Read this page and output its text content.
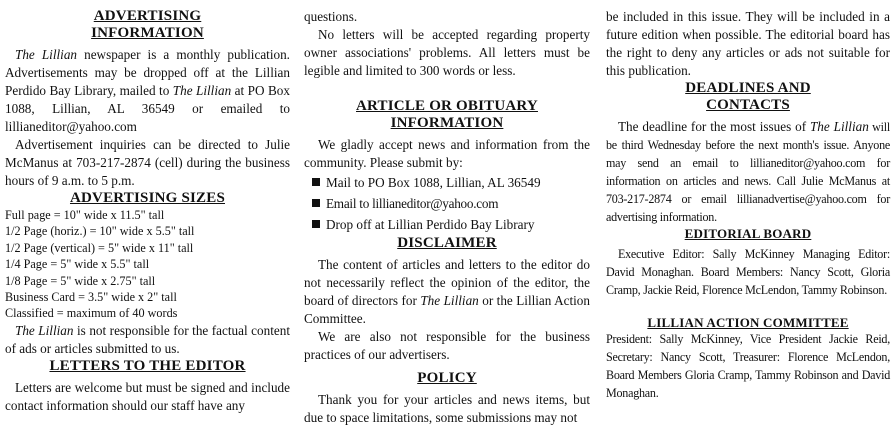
ADVERTISING
INFORMATION

The Lillian newspaper is a monthly publication. Advertisements may be dropped off at the Lillian Perdido Bay Library, mailed to The Lillian at PO Box 1088, Lillian, AL 36549 or emailed to lillianeditor@yahoo.com

Advertisement inquiries can be directed to Julie McManus at 703-217-2874 (cell) during the business hours of 9 a.m. to 5 p.m.

ADVERTISING SIZES
Full page = 10" wide x 11.5" tall
1/2 Page (horiz.) = 10" wide x 5.5" tall
1/2 Page (vertical) = 5" wide x 11" tall
1/4 Page = 5" wide x 5.5" tall
1/8 Page = 5" wide x 2.75" tall
Business Card = 3.5" wide x 2" tall
Classified = maximum of 40 words

The Lillian is not responsible for the factual content of ads or articles submitted to us.

LETTERS TO THE EDITOR

Letters are welcome but must be signed and include contact information should our staff have any

questions.

No letters will be accepted regarding property owner associations' problems. All letters must be legible and limited to 300 words or less.

ARTICLE OR OBITUARY
INFORMATION

We gladly accept news and information from the community. Please submit by:

Mail to PO Box 1088, Lillian, AL 36549
Email to lillianeditor@yahoo.com
Drop off at Lillian Perdido Bay Library
DISCLAIMER

The content of articles and letters to the editor do not necessarily reflect the opinion of the editor, the board of directors for The Lillian or the Lillian Action Committee.

We are also not responsible for the business practices of our advertisers.

POLICY

Thank you for your articles and news items, but due to space limitations, some submissions may not

be included in this issue. They will be included in a future edition when possible. The editorial board has the right to deny any articles or ads not suitable for this publication.

DEADLINES AND
CONTACTS

The deadline for the most issues of The Lillian will be third Wednesday before the next month's issue. Anyone may send an email to lillianeditor@yahoo.com for information on articles and news. Call Julie McManus at 703-217-2874 or email lillianadvertise@yahoo.com for advertising information.

EDITORIAL BOARD

Executive Editor: Sally McKinney Managing Editor: David Monaghan. Board Members: Nancy Scott, Gloria Cramp, Jackie Reid, Florence McLendon, Tammy Robinson.

LILLIAN ACTION COMMITTEE

President: Sally McKinney, Vice President Jackie Reid, Secretary: Nancy Scott, Treasurer: Florence McLendon, Board Members Gloria Cramp, Tammy Robinson and David Monaghan.
